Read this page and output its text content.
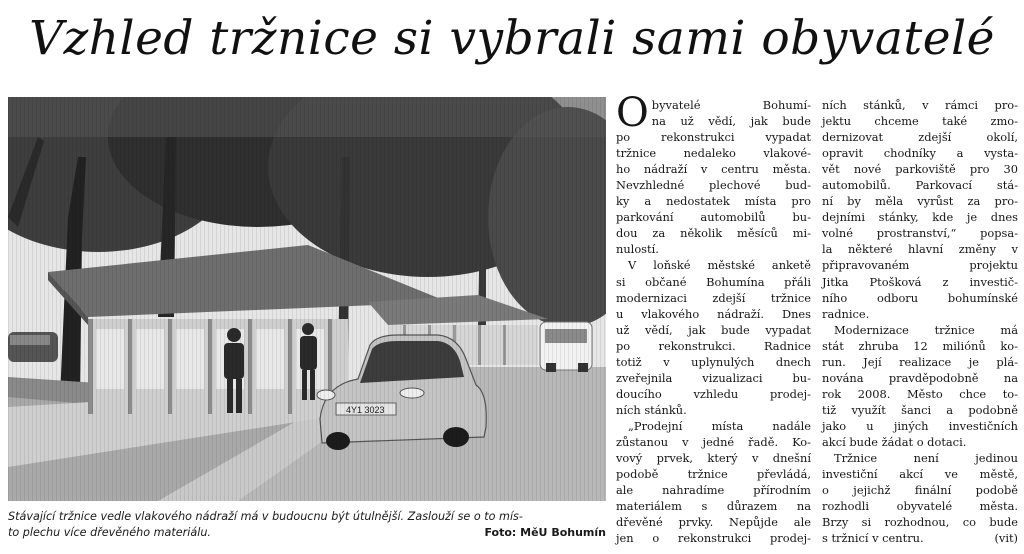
Vzhled tržnice si vybrali sami obyvatelé
Stávající tržnice vedle vlakového nádraží má v budoucnu být útulnější. Zaslouží se o to mís-
to plechu více dřevěného materiálu.	Foto: MěU Bohumín
O byvatelé Bohumí-
na už vědí, jak bude
po rekonstrukci vypadat
tržnice nedaleko vlakové-
ho nádraží v centru města.
Nevzhledné plechové bud-
ky a nedostatek místa pro
parkování automobilů bu-
dou za několik měsíců mi-
nulostí.
V loňské městské anketě
si občané Bohumína přáli
modernizaci zdejší tržnice
u vlakového nádraží. Dnes
už vědí, jak bude vypadat
po rekonstrukci. Radnice
totiž v uplynulých dnech
zveřejnila vizualizaci bu-
doucího vzhledu prodej-
ních stánků.
„Prodejní místa nadále
zůstanou v jedné řadě. Ko-
vový prvek, který v dnešní
podobě tržnice převládá,
ale nahradíme přírodním
materiálem s důrazem na
dřevěné prvky. Nepůjde ale
jen o rekonstrukci prodej-
ních stánků, v rámci pro-
jektu chceme také zmo-
dernizovat zdejší okolí,
opravit chodníky a vysta-
vět nové parkoviště pro 30
automobilů. Parkovací stá-
ní by měla vyrůst za pro-
dejními stánky, kde je dnes
volné prostranství,“ popsa-
la některé hlavní změny v
připravovaném projektu
Jitka Ptošková z investič-
ního odboru bohumínské
radnice.
Modernizace tržnice má
stát zhruba 12 miliónů ko-
run. Její realizace je plá-
nována pravděpodobně na
rok 2008. Město chce to-
tiž využít šanci a podobně
jako u jiných investičních
akcí bude žádat o dotaci.
Tržnice není jedinou
investiční akcí ve městě,
o jejichž finální podobě
rozhodli obyvatelé města.
Brzy si rozhodnou, co bude
s tržnicí v centru.	(vit)
